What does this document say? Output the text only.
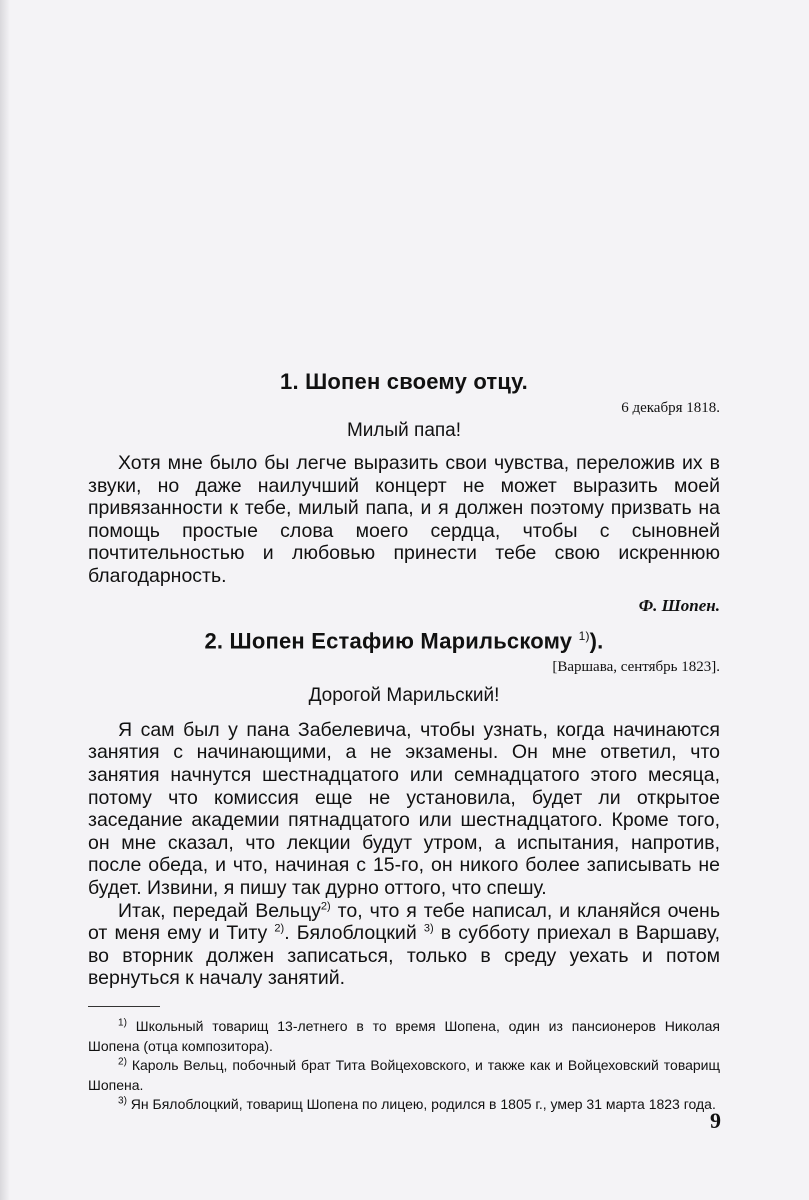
1. Шопен своему отцу.

6 декабря 1818.

Милый папа!

Хотя мне было бы легче выразить свои чувства, переложив их в звуки, но даже наилучший концерт не может выразить моей привязанности к тебе, милый папа, и я должен поэтому призвать на помощь простые слова моего сердца, чтобы с сыновней почтительностью и любовью принести тебе свою искреннюю благодарность.

Ф. Шопен.

2. Шопен Естафию Марильскому $^{1)}$).

[Варшава, сентябрь 1823].

Дорогой Марильский!

Я сам был у пана Забелевича, чтобы узнать, когда начинаются занятия с начинающими, а не экзамены. Он мне ответил, что занятия начнутся шестнадцатого или семнадцатого этого месяца, потому что комиссия еще не установила, будет ли открытое заседание академии пятнадцатого или шестнадцатого. Кроме того, он мне сказал, что лекции будут утром, а испытания, напротив, после обеда, и что, начиная с 15-го, он никого более записывать не будет. Извини, я пишу так дурно оттого, что спешу.

Итак, передай Вельцу$^{2)}$ то, что я тебе написал, и кланяйся очень от меня ему и Титу $^{2)}$. Бялоблоцкий $^{3)}$ в субботу приехал в Варшаву, во вторник должен записаться, только в среду уехать и потом вернуться к началу занятий.

$^{1)}$ Школьный товарищ 13-летнего в то время Шопена, один из пансионеров Николая Шопена (отца композитора).

$^{2)}$ Кароль Вельц, побочный брат Тита Войцеховского, и также как и Войцеховский товарищ Шопена.

$^{3)}$ Ян Бялоблоцкий, товарищ Шопена по лицею, родился в 1805 г., умер 31 марта 1823 года.

9
